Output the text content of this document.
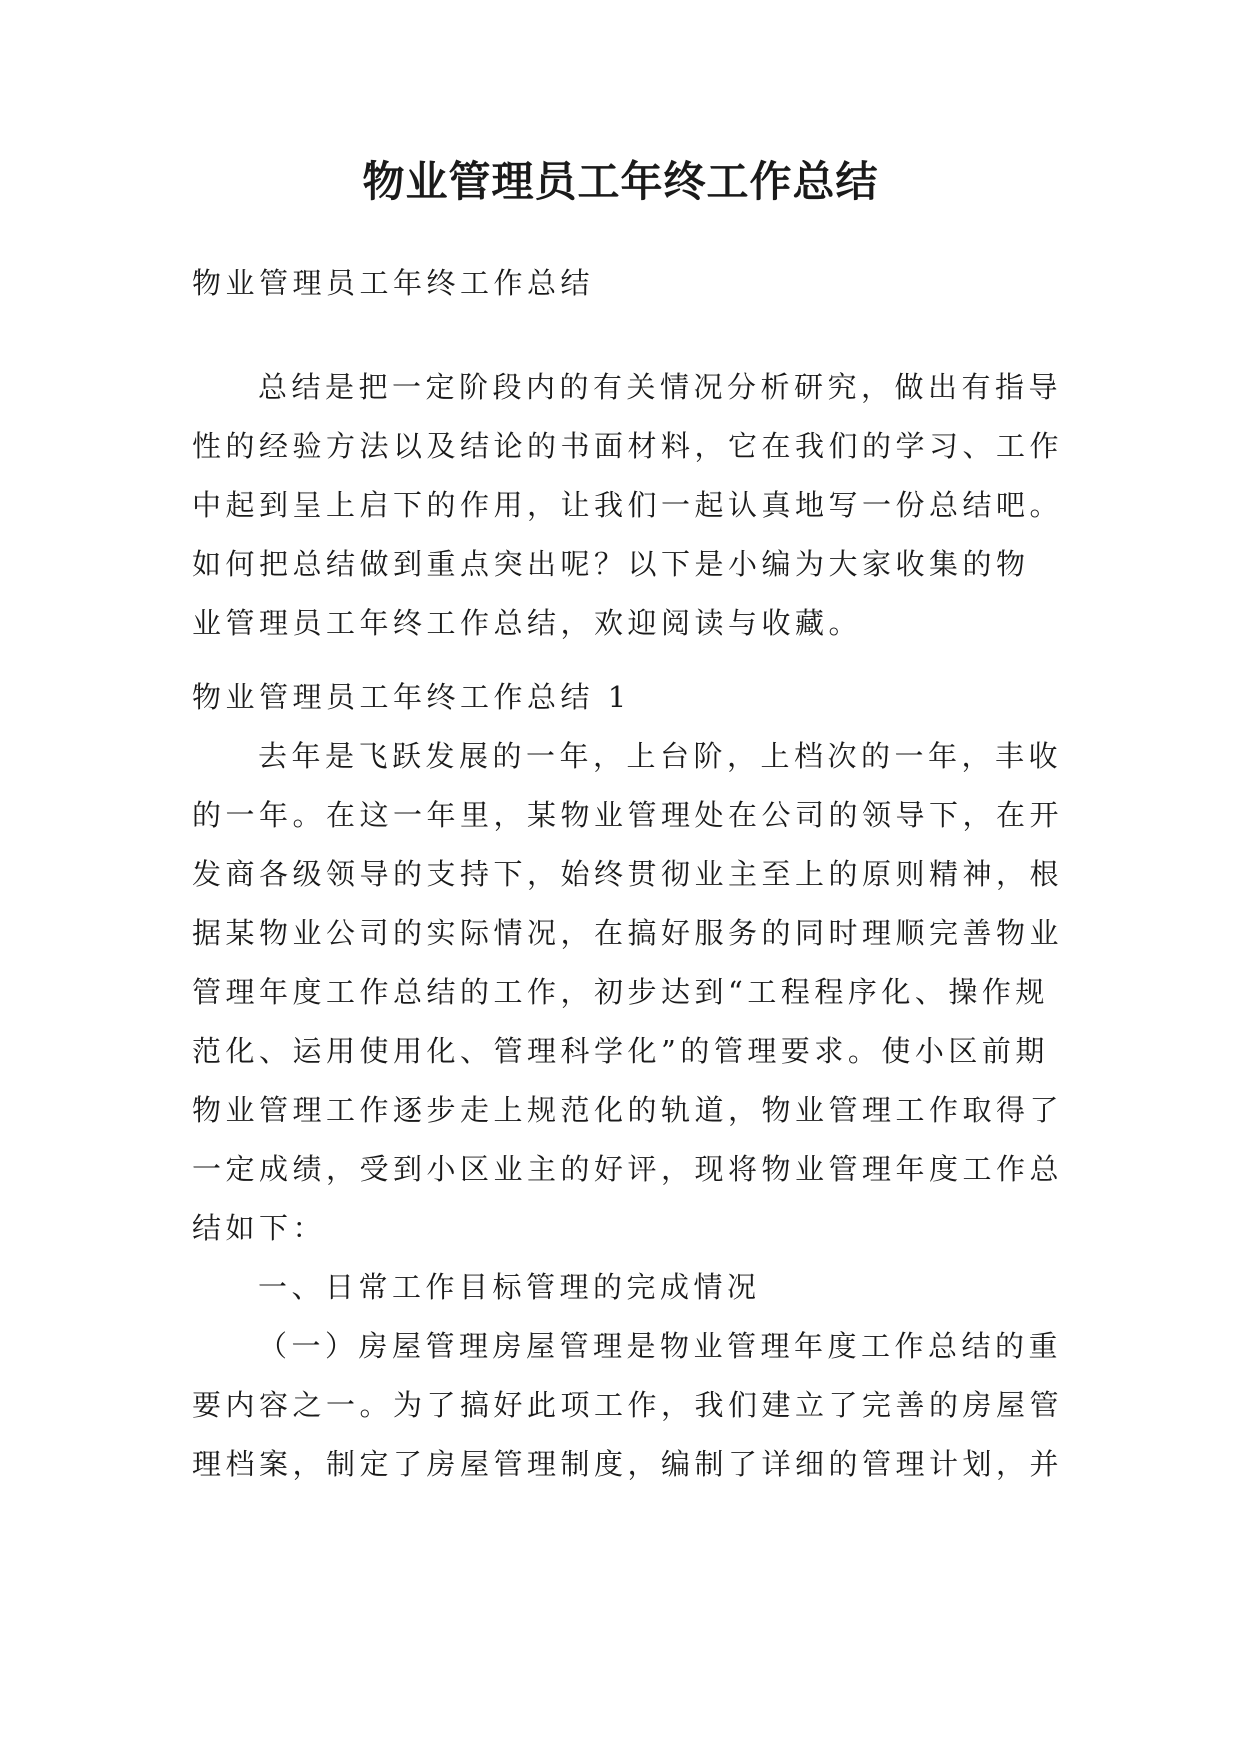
物业管理员工年终工作总结
物业管理员工年终工作总结
总结是把一定阶段内的有关情况分析研究，做出有指导
性的经验方法以及结论的书面材料，它在我们的学习、工作
中起到呈上启下的作用，让我们一起认真地写一份总结吧。
如何把总结做到重点突出呢？以下是小编为大家收集的物
业管理员工年终工作总结，欢迎阅读与收藏。
物业管理员工年终工作总结 1
去年是飞跃发展的一年，上台阶，上档次的一年，丰收
的一年。在这一年里，某物业管理处在公司的领导下，在开
发商各级领导的支持下，始终贯彻业主至上的原则精神，根
据某物业公司的实际情况，在搞好服务的同时理顺完善物业
管理年度工作总结的工作，初步达到“工程程序化、操作规
范化、运用使用化、管理科学化”的管理要求。使小区前期
物业管理工作逐步走上规范化的轨道，物业管理工作取得了
一定成绩，受到小区业主的好评，现将物业管理年度工作总
结如下：
一、日常工作目标管理的完成情况
（一）房屋管理房屋管理是物业管理年度工作总结的重
要内容之一。为了搞好此项工作，我们建立了完善的房屋管
理档案，制定了房屋管理制度，编制了详细的管理计划，并
